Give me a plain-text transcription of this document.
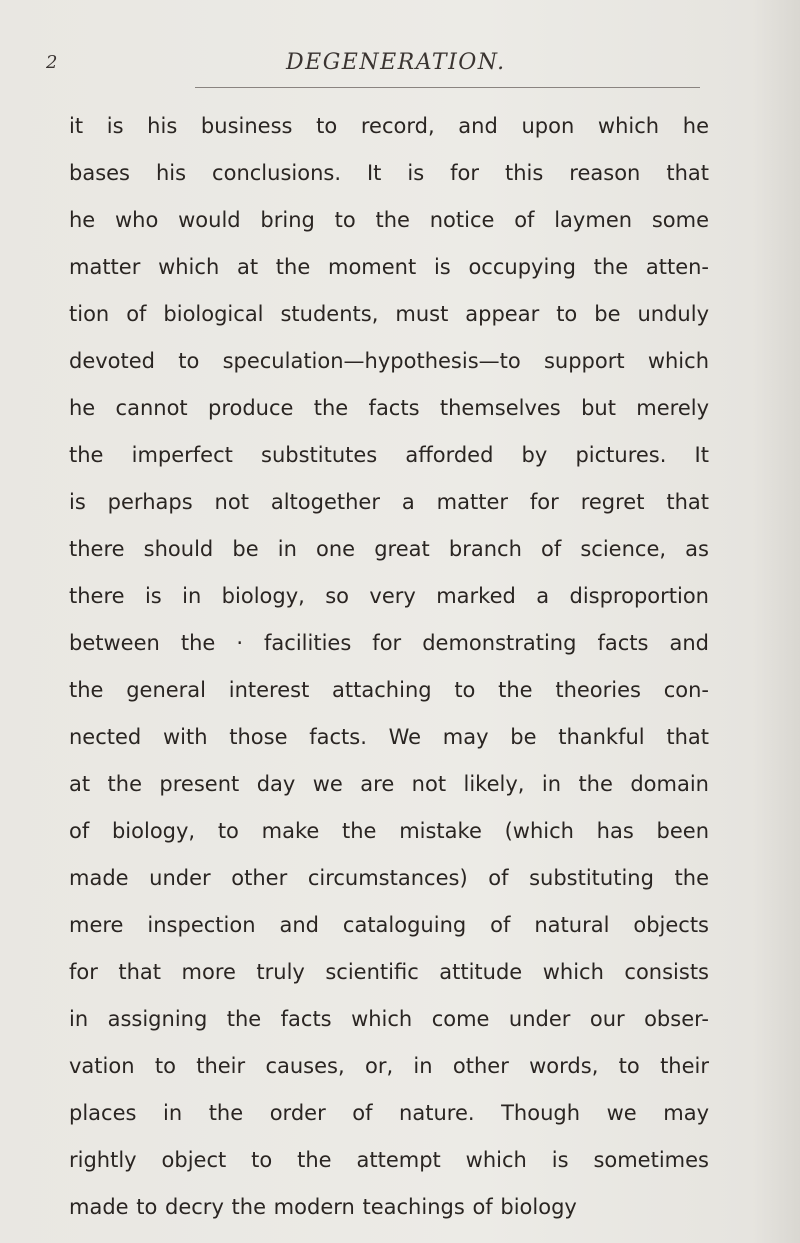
2	DEGENERATION.
it is his business to record, and upon which he
bases his conclusions. It is for this reason that
he who would bring to the notice of laymen some
matter which at the moment is occupying the atten-
tion of biological students, must appear to be unduly
devoted to speculation—hypothesis—to support which
he cannot produce the facts themselves but merely
the imperfect substitutes afforded by pictures. It
is perhaps not altogether a matter for regret that
there should be in one great branch of science, as
there is in biology, so very marked a disproportion
between the · facilities for demonstrating facts and
the general interest attaching to the theories con-
nected with those facts. We may be thankful that
at the present day we are not likely, in the domain
of biology, to make the mistake (which has been
made under other circumstances) of substituting the
mere inspection and cataloguing of natural objects
for that more truly scientific attitude which consists
in assigning the facts which come under our obser-
vation to their causes, or, in other words, to their
places in the order of nature. Though we may
rightly object to the attempt which is sometimes
made to decry the modern teachings of biology
